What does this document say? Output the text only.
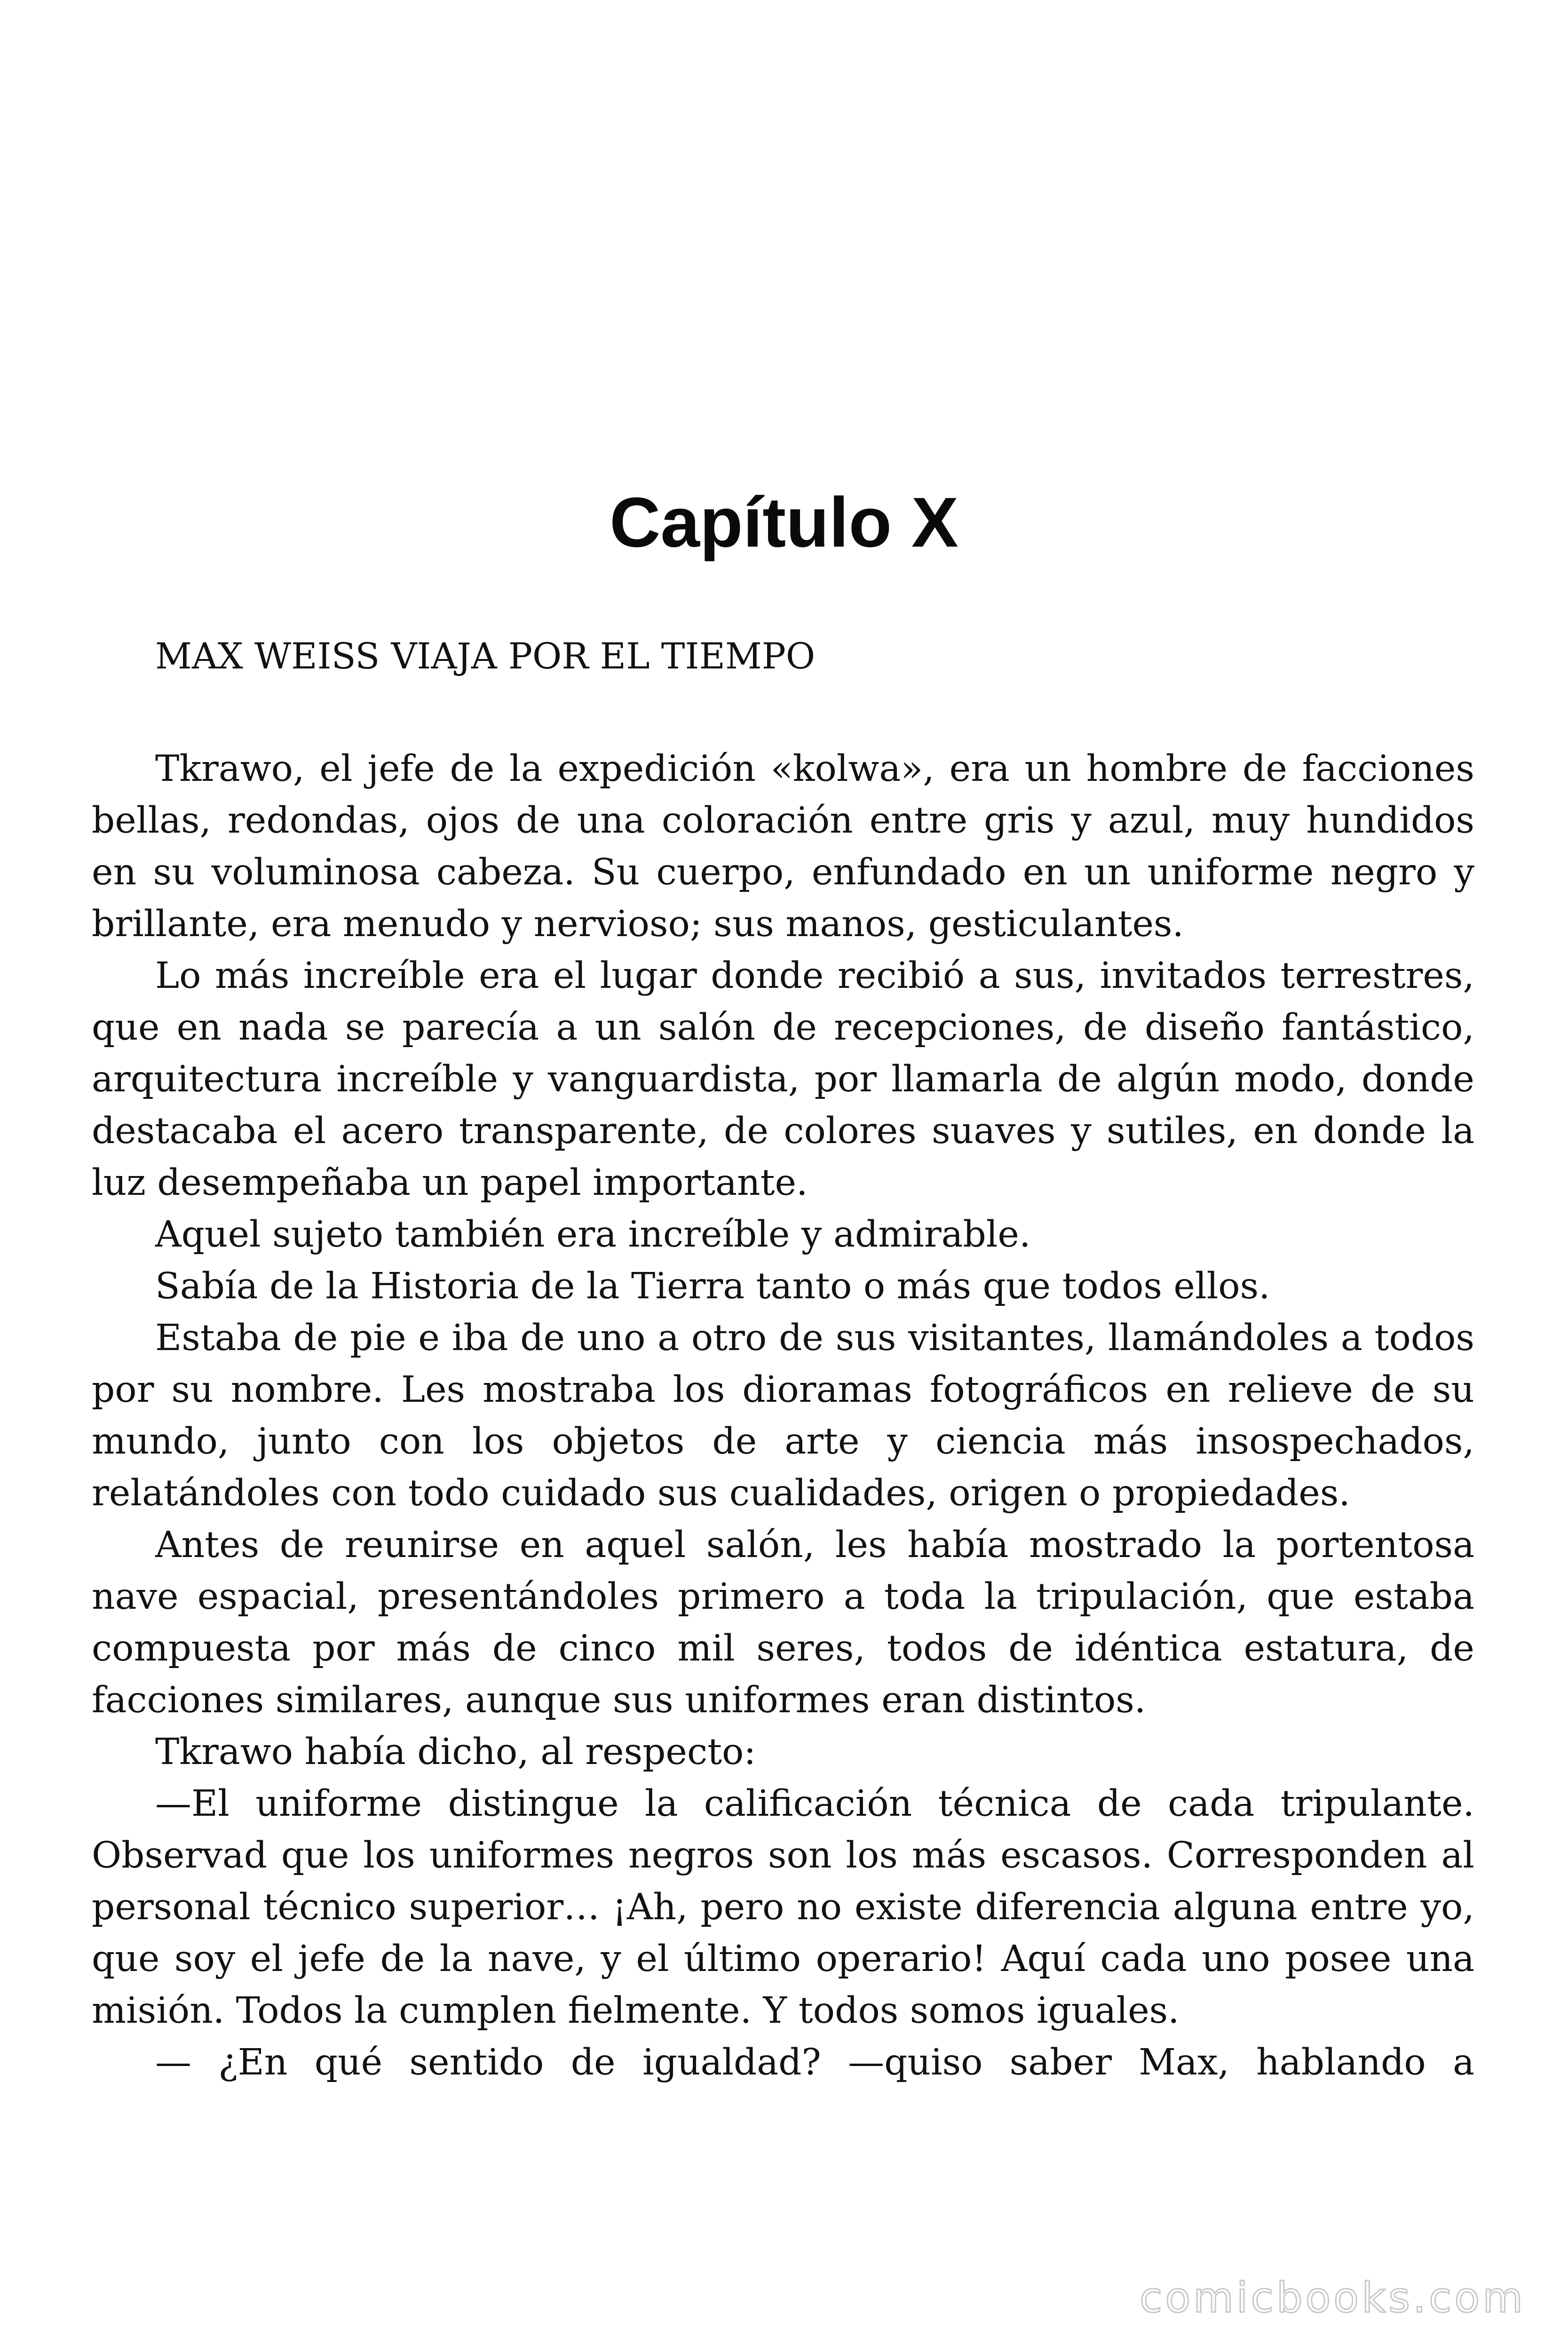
Capítulo X

MAX WEISS VIAJA POR EL TIEMPO

Tkrawo, el jefe de la expedición «kolwa», era un hombre de facciones bellas, redondas, ojos de una coloración entre gris y azul, muy hundidos en su voluminosa cabeza. Su cuerpo, enfundado en un uniforme negro y brillante, era menudo y nervioso; sus manos, gesticulantes.

Lo más increíble era el lugar donde recibió a sus, invitados terrestres, que en nada se parecía a un salón de recepciones, de diseño fantástico, arquitectura increíble y vanguardista, por llamarla de algún modo, donde destacaba el acero transparente, de colores suaves y sutiles, en donde la luz desempeñaba un papel importante.

Aquel sujeto también era increíble y admirable.

Sabía de la Historia de la Tierra tanto o más que todos ellos.

Estaba de pie e iba de uno a otro de sus visitantes, llamándoles a todos por su nombre. Les mostraba los dioramas fotográficos en relieve de su mundo, junto con los objetos de arte y ciencia más insospechados, relatándoles con todo cuidado sus cualidades, origen o propiedades.

Antes de reunirse en aquel salón, les había mostrado la portentosa nave espacial, presentándoles primero a toda la tripulación, que estaba compuesta por más de cinco mil seres, todos de idéntica estatura, de facciones similares, aunque sus uniformes eran distintos.

Tkrawo había dicho, al respecto:

—El uniforme distingue la calificación técnica de cada tripulante. Observad que los uniformes negros son los más escasos. Corresponden al personal técnico superior… ¡Ah, pero no existe diferencia alguna entre yo, que soy el jefe de la nave, y el último operario! Aquí cada uno posee una misión. Todos la cumplen fielmente. Y todos somos iguales.

— ¿En qué sentido de igualdad? —quiso saber Max, hablando a

comicbooks.com
